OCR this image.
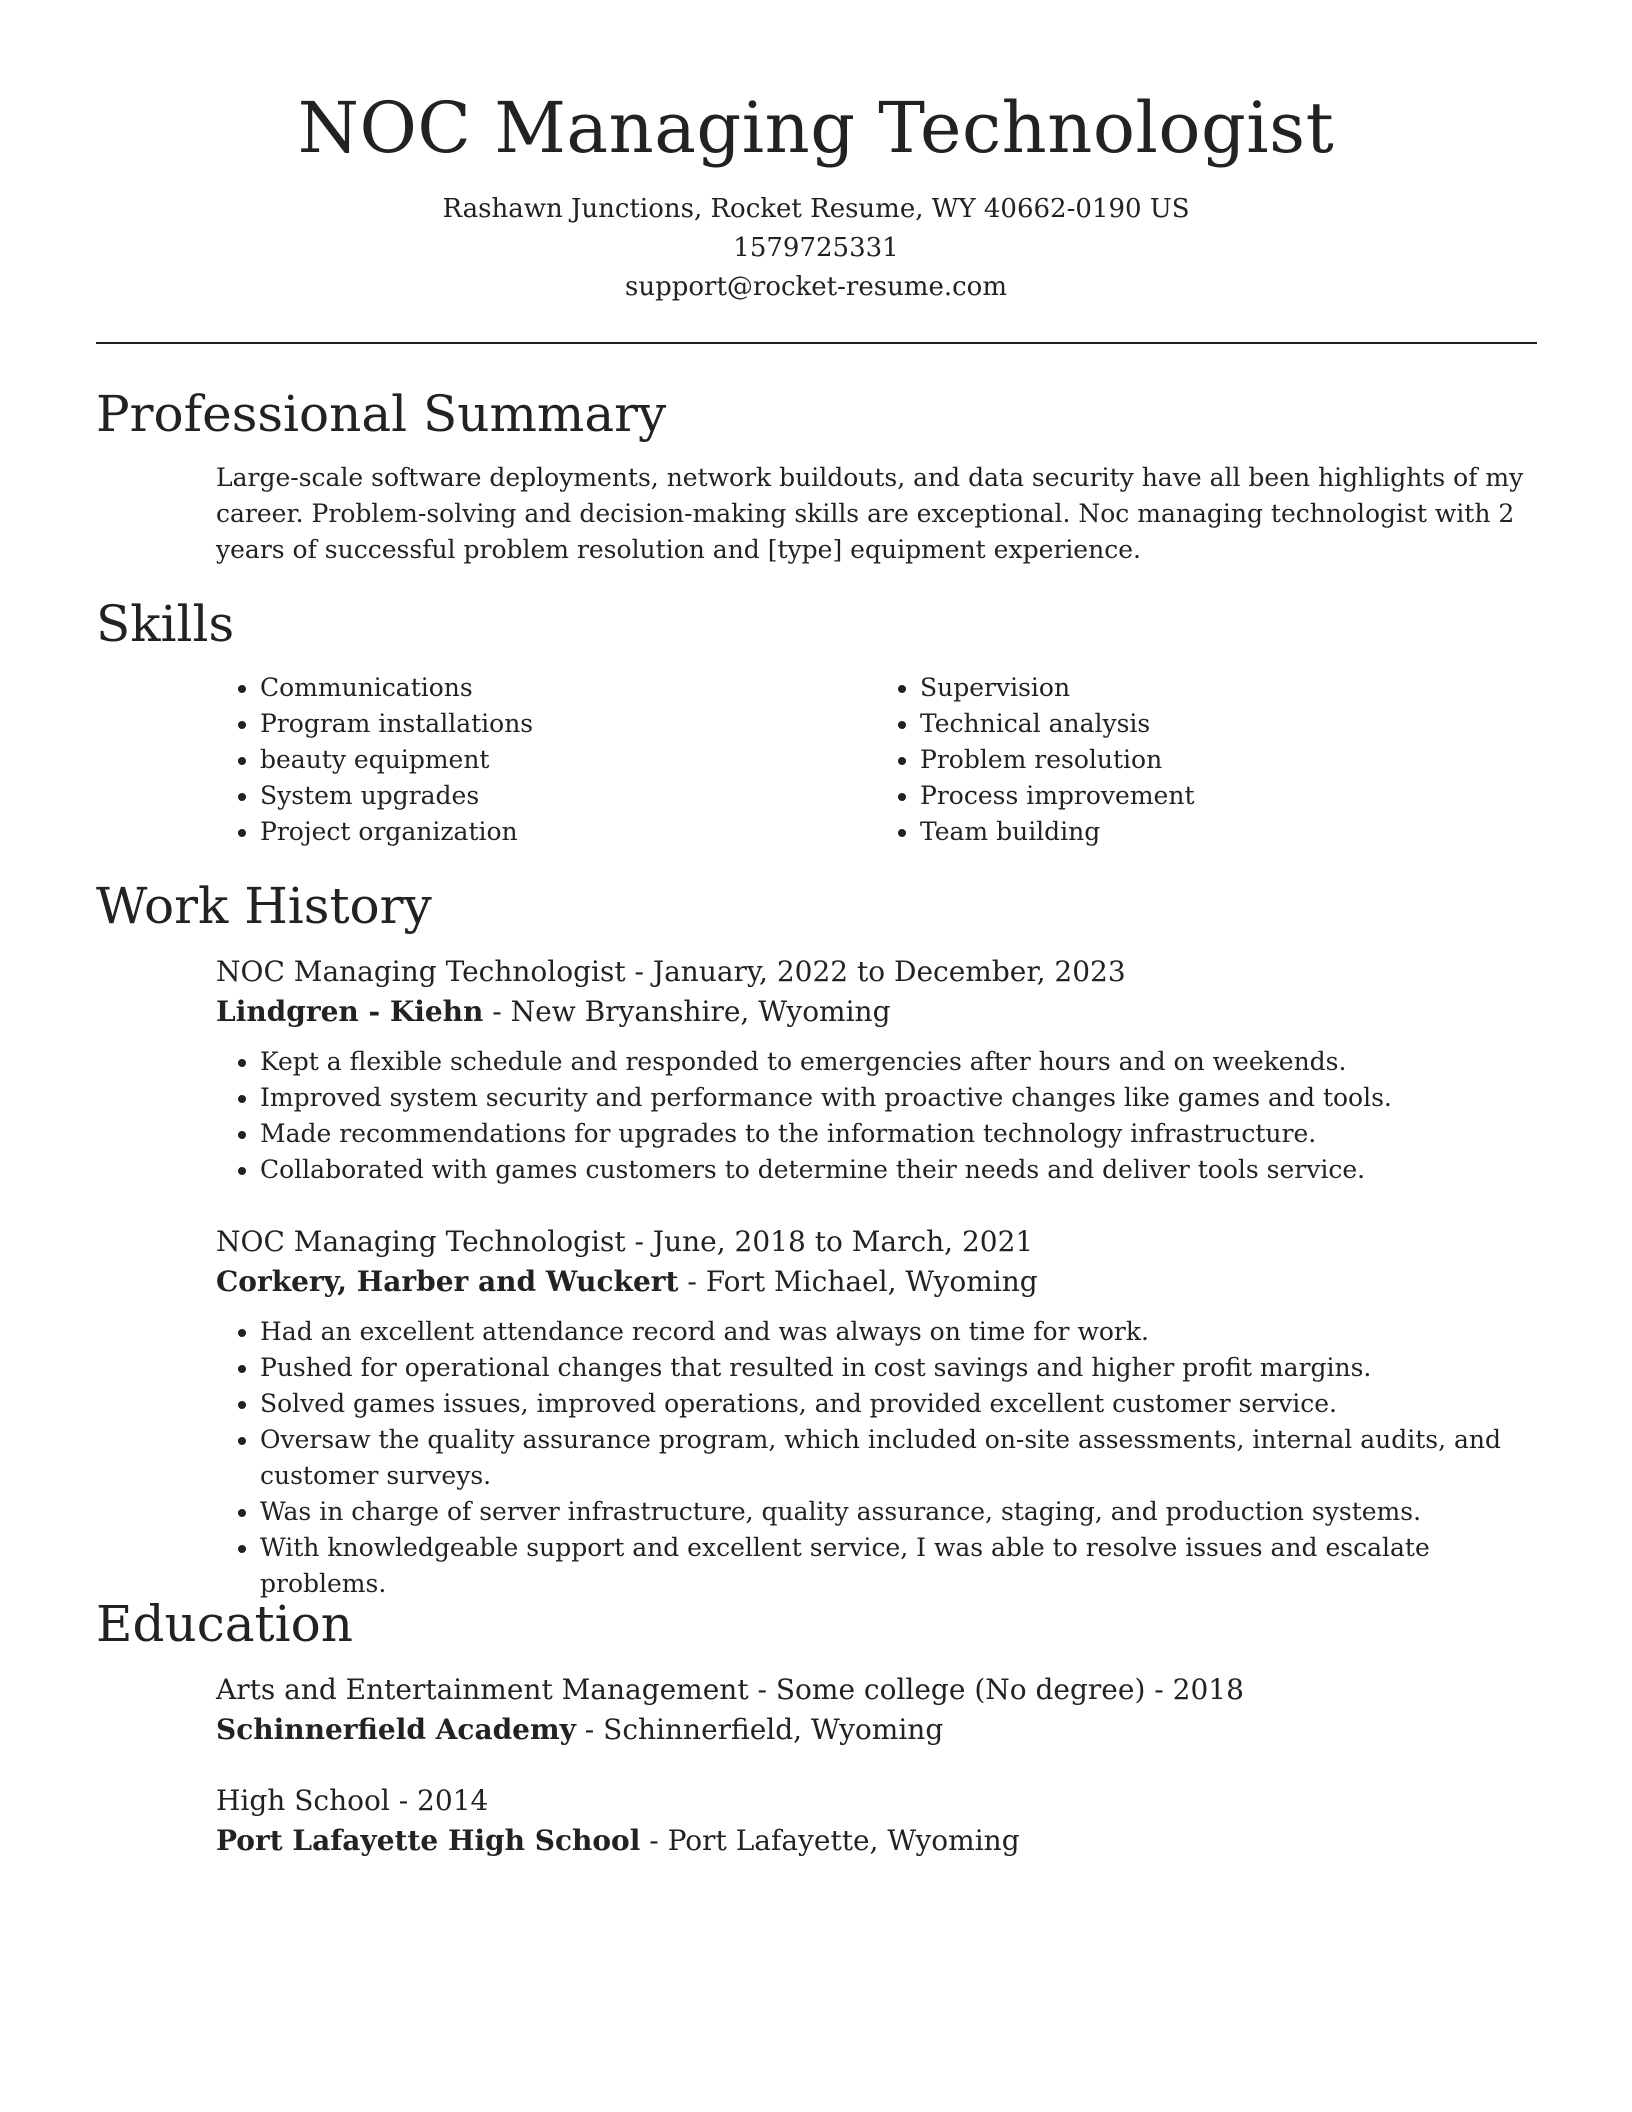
NOC Managing Technologist
Rashawn Junctions, Rocket Resume, WY 40662-0190 US
1579725331
support@rocket-resume.com
Professional Summary

Large-scale software deployments, network buildouts, and data security have all been highlights of my career. Problem-solving and decision-making skills are exceptional. Noc managing technologist with 2 years of successful problem resolution and [type] equipment experience.

Skills
• Communications
• Program installations
• beauty equipment
• System upgrades
• Project organization
• Supervision
• Technical analysis
• Problem resolution
• Process improvement
• Team building
Work History
NOC Managing Technologist - January, 2022 to December, 2023
Lindgren - Kiehn - New Bryanshire, Wyoming
• Kept a flexible schedule and responded to emergencies after hours and on weekends.
• Improved system security and performance with proactive changes like games and tools.
• Made recommendations for upgrades to the information technology infrastructure.
• Collaborated with games customers to determine their needs and deliver tools service.
NOC Managing Technologist - June, 2018 to March, 2021
Corkery, Harber and Wuckert - Fort Michael, Wyoming
• Had an excellent attendance record and was always on time for work.
• Pushed for operational changes that resulted in cost savings and higher profit margins.
• Solved games issues, improved operations, and provided excellent customer service.
• Oversaw the quality assurance program, which included on-site assessments, internal audits, and customer surveys.
• Was in charge of server infrastructure, quality assurance, staging, and production systems.
• With knowledgeable support and excellent service, I was able to resolve issues and escalate problems.
Education
Arts and Entertainment Management - Some college (No degree) - 2018
Schinnerfield Academy - Schinnerfield, Wyoming
High School - 2014
Port Lafayette High School - Port Lafayette, Wyoming
